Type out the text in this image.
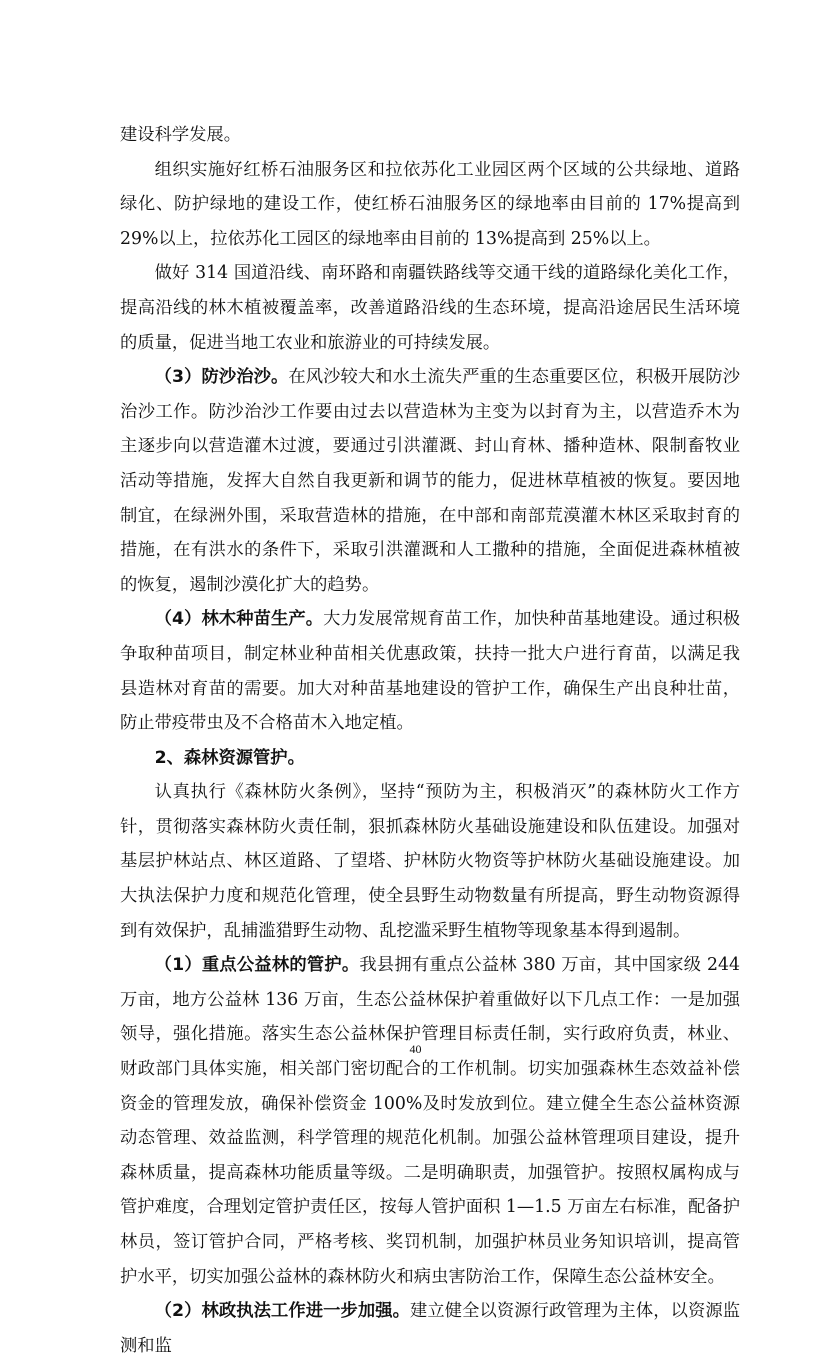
建设科学发展。

组织实施好红桥石油服务区和拉依苏化工业园区两个区域的公共绿地、道路绿化、防护绿地的建设工作，使红桥石油服务区的绿地率由目前的 17%提高到 29%以上，拉依苏化工园区的绿地率由目前的 13%提高到 25%以上。

做好 314 国道沿线、南环路和南疆铁路线等交通干线的道路绿化美化工作，提高沿线的林木植被覆盖率，改善道路沿线的生态环境，提高沿途居民生活环境的质量，促进当地工农业和旅游业的可持续发展。

（3）防沙治沙。在风沙较大和水土流失严重的生态重要区位，积极开展防沙治沙工作。防沙治沙工作要由过去以营造林为主变为以封育为主，以营造乔木为主逐步向以营造灌木过渡，要通过引洪灌溉、封山育林、播种造林、限制畜牧业活动等措施，发挥大自然自我更新和调节的能力，促进林草植被的恢复。要因地制宜，在绿洲外围，采取营造林的措施，在中部和南部荒漠灌木林区采取封育的措施，在有洪水的条件下，采取引洪灌溉和人工撒种的措施，全面促进森林植被的恢复，遏制沙漠化扩大的趋势。

（4）林木种苗生产。大力发展常规育苗工作，加快种苗基地建设。通过积极争取种苗项目，制定林业种苗相关优惠政策，扶持一批大户进行育苗，以满足我县造林对育苗的需要。加大对种苗基地建设的管护工作，确保生产出良种壮苗，防止带疫带虫及不合格苗木入地定植。

2、森林资源管护。

认真执行《森林防火条例》，坚持“预防为主，积极消灭”的森林防火工作方针，贯彻落实森林防火责任制，狠抓森林防火基础设施建设和队伍建设。加强对基层护林站点、林区道路、了望塔、护林防火物资等护林防火基础设施建设。加大执法保护力度和规范化管理，使全县野生动物数量有所提高，野生动物资源得到有效保护，乱捕滥猎野生动物、乱挖滥采野生植物等现象基本得到遏制。

（1）重点公益林的管护。我县拥有重点公益林 380 万亩，其中国家级 244 万亩，地方公益林 136 万亩，生态公益林保护着重做好以下几点工作：一是加强领导，强化措施。落实生态公益林保护管理目标责任制，实行政府负责，林业、财政部门具体实施，相关部门密切配合的工作机制。切实加强森林生态效益补偿资金的管理发放，确保补偿资金 100%及时发放到位。建立健全生态公益林资源动态管理、效益监测，科学管理的规范化机制。加强公益林管理项目建设，提升森林质量，提高森林功能质量等级。二是明确职责，加强管护。按照权属构成与管护难度，合理划定管护责任区，按每人管护面积 1—1.5 万亩左右标准，配备护林员，签订管护合同，严格考核、奖罚机制，加强护林员业务知识培训，提高管护水平，切实加强公益林的森林防火和病虫害防治工作，保障生态公益林安全。

（2）林政执法工作进一步加强。建立健全以资源行政管理为主体，以资源监测和监

40
